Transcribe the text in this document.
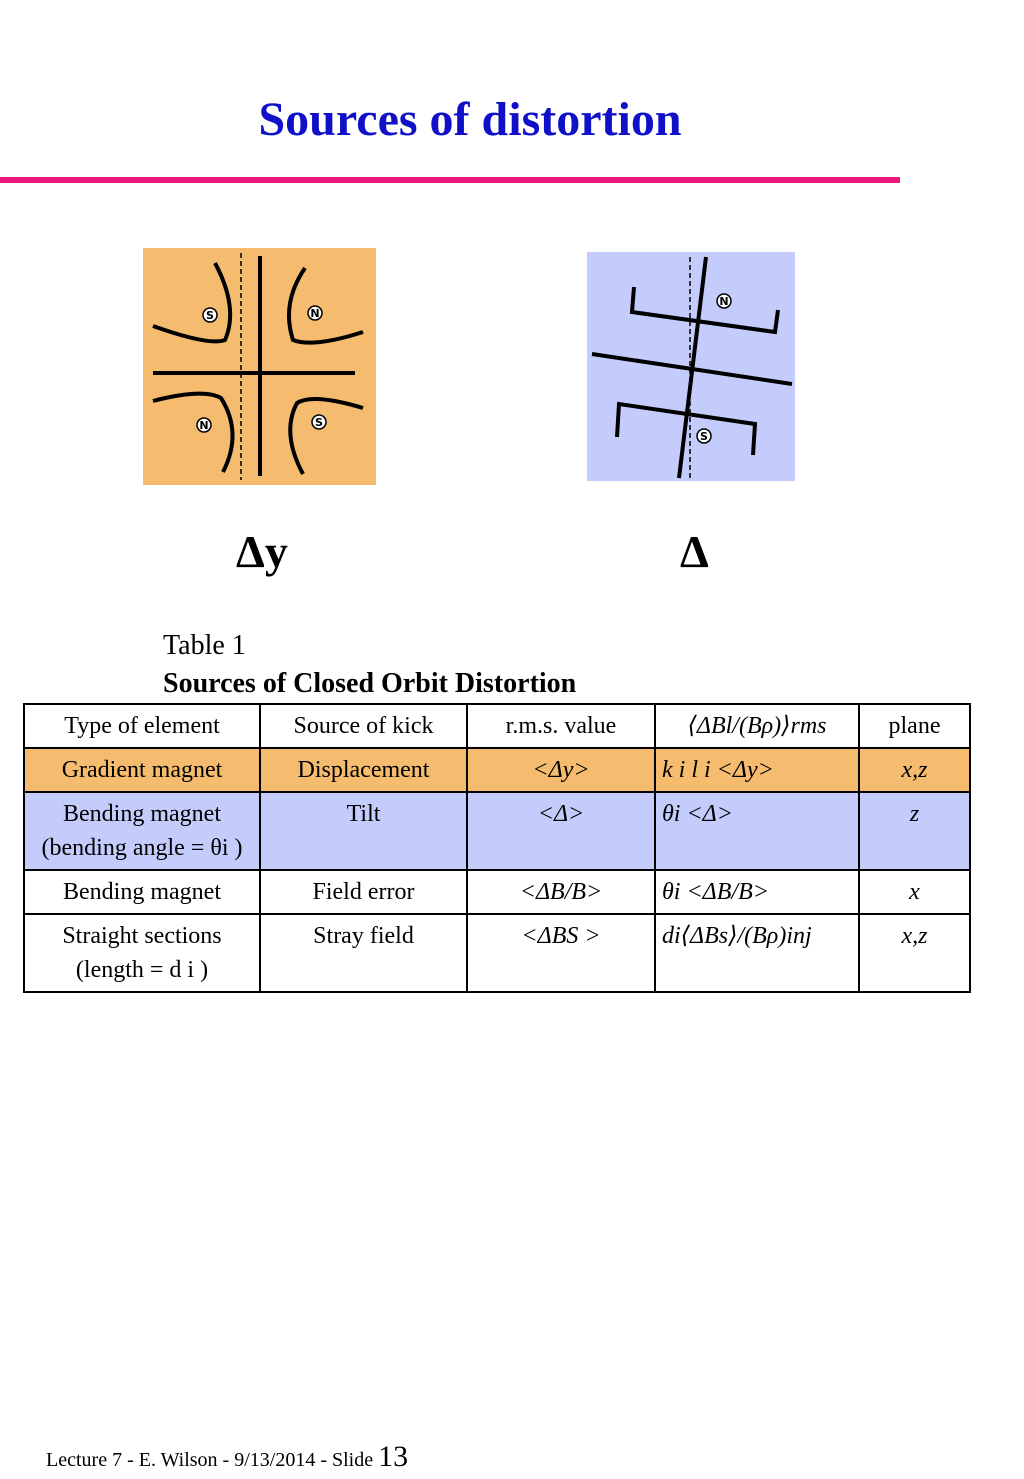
Sources of distortion
S	N
N	S
N
S
Δy	Δ
Table 1
Sources of Closed Orbit Distortion
Type of element	Source of kick	r.m.s. value	⟨ΔBl/(Bρ)⟩rms	plane
Gradient magnet	Displacement	<Δy>	k i l i <Δy>	x,z
Bending magnet (bending angle = θi )	Tilt	<Δ>	θi <Δ>	z
Bending magnet	Field error	<ΔB/B>	θi <ΔB/B>	x
Straight sections (length = d i )	Stray field	<ΔBS >	di⟨ΔBs⟩/(Bρ)inj	x,z
Lecture 7 - E. Wilson - 9/13/2014 - Slide 13
